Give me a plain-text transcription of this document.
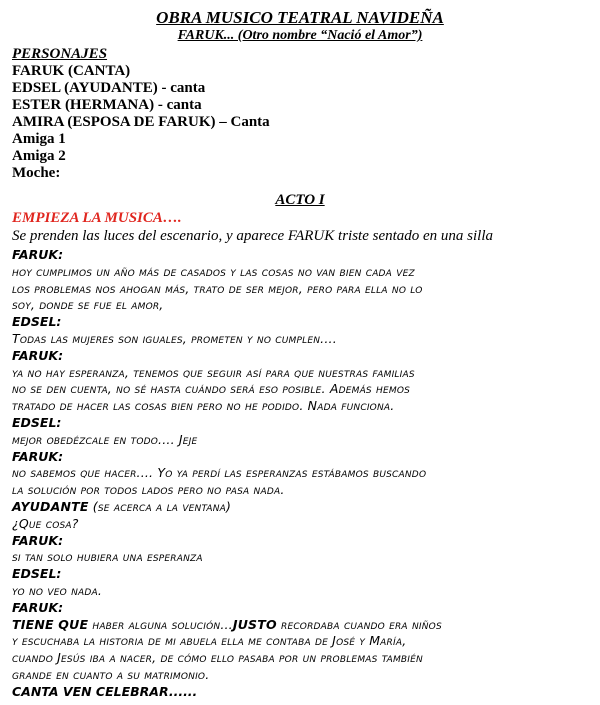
OBRA MUSICO TEATRAL NAVIDEÑA
FARUK... (Otro nombre “Nació el Amor”)
PERSONAJES
FARUK (CANTA)
EDSEL (AYUDANTE) - canta
ESTER (HERMANA) - canta
AMIRA (ESPOSA DE FARUK) – Canta
Amiga 1
Amiga 2
Moche:
ACTO I
EMPIEZA LA MUSICA….
Se prenden las luces del escenario, y aparece FARUK triste sentado en una silla
FARUK:
hoy cumplimos un año más de casados y las cosas no van bien cada vez
los problemas nos ahogan más, trato de ser mejor, pero para ella no lo
soy, donde se fue el amor,
EDSEL:
Todas las mujeres son iguales, prometen y no cumplen....
FARUK:
ya no hay esperanza, tenemos que seguir así para que nuestras familias
no se den cuenta, no sé hasta cuándo será eso posible. Además hemos
tratado de hacer las cosas bien pero no he podido. Nada funciona.
EDSEL:
mejor obedézcale en todo.... Jeje
FARUK:
no sabemos que hacer.... Yo ya perdí las esperanzas estábamos buscando
la solución por todos lados pero no pasa nada.
AYUDANTE (se acerca a la ventana)
¿Que cosa?
FARUK:
si tan solo hubiera una esperanza
EDSEL:
yo no veo nada.
FARUK:
TIENE QUE haber alguna solución...JUSTO recordaba cuando era niños
y escuchaba la historia de mi abuela ella me contaba de José y María,
cuando Jesús iba a nacer, de cómo ello pasaba por un problemas también
grande en cuanto a su matrimonio.
CANTA VEN CELEBRAR......
